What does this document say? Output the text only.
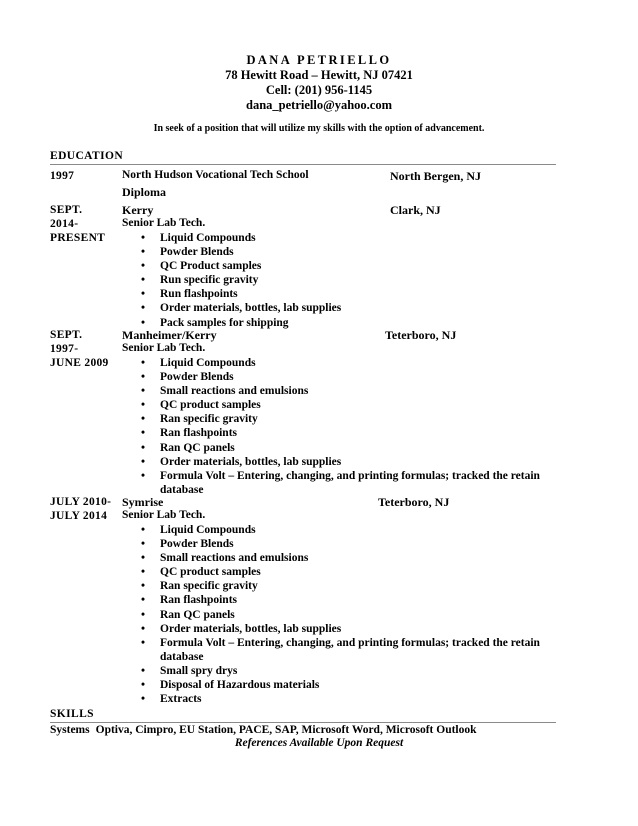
DANA PETRIELLO
78 Hewitt Road – Hewitt, NJ 07421
Cell: (201) 956-1145
dana_petriello@yahoo.com
In seek of a position that will utilize my skills with the option of advancement.
EDUCATION
1997	North Hudson Vocational Tech School	North Bergen, NJ
Diploma
SEPT.
2014-
PRESENT
Kerry	Clark, NJ
Senior Lab Tech.
• Liquid Compounds
• Powder Blends
• QC Product samples
• Run specific gravity
• Run flashpoints
• Order materials, bottles, lab supplies
• Pack samples for shipping
SEPT.
1997-
JUNE 2009
Manheimer/Kerry	Teterboro, NJ
Senior Lab Tech.
• Liquid Compounds
• Powder Blends
• Small reactions and emulsions
• QC product samples
• Ran specific gravity
• Ran flashpoints
• Ran QC panels
• Order materials, bottles, lab supplies
• Formula Volt – Entering, changing, and printing formulas; tracked the retain database
JULY 2010-
JULY 2014
Symrise	Teterboro, NJ
Senior Lab Tech.
• Liquid Compounds
• Powder Blends
• Small reactions and emulsions
• QC product samples
• Ran specific gravity
• Ran flashpoints
• Ran QC panels
• Order materials, bottles, lab supplies
• Formula Volt – Entering, changing, and printing formulas; tracked the retain database
• Small spry drys
• Disposal of Hazardous materials
• Extracts
SKILLS
Systems Optiva, Cimpro, EU Station, PACE, SAP, Microsoft Word, Microsoft Outlook
References Available Upon Request
